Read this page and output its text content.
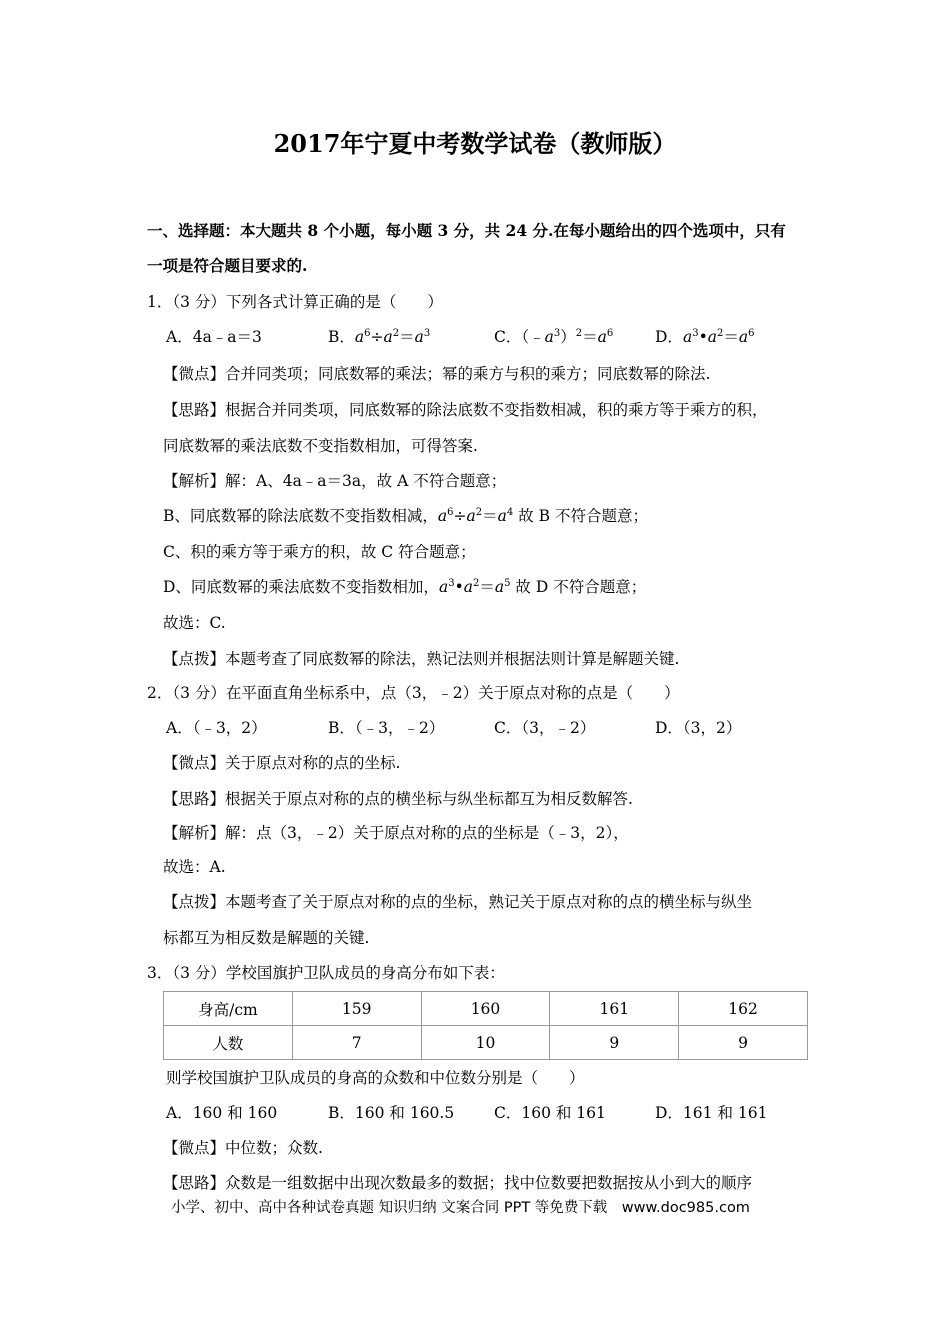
2017年宁夏中考数学试卷（教师版）
一、选择题：本大题共 8 个小题，每小题 3 分，共 24 分.在每小题给出的四个选项中，只有
一项是符合题目要求的.
1．（3 分）下列各式计算正确的是（　　）
A．4a﹣a＝3	B．$a^6\div a^2=a^3$	C．$(﹣a^3)^2=a^6$	D．$a^3•a^2=a^6$
【微点】合并同类项；同底数幂的乘法；幂的乘方与积的乘方；同底数幂的除法.
【思路】根据合并同类项，同底数幂的除法底数不变指数相减，积的乘方等于乘方的积，
同底数幂的乘法底数不变指数相加，可得答案.
【解析】解：A、4a﹣a＝3a，故 A 不符合题意；
B、同底数幂的除法底数不变指数相减，$a^6\div a^2=a^4$ 故 B 不符合题意；
C、积的乘方等于乘方的积，故 C 符合题意；
D、同底数幂的乘法底数不变指数相加，$a^3•a^2=a^5$ 故 D 不符合题意；
故选：C.
【点拨】本题考查了同底数幂的除法，熟记法则并根据法则计算是解题关键.
2．（3 分）在平面直角坐标系中，点（3，﹣2）关于原点对称的点是（　　）
A．（﹣3，2）	B．（﹣3，﹣2）	C．（3，﹣2）	D．（3，2）
【微点】关于原点对称的点的坐标.
【思路】根据关于原点对称的点的横坐标与纵坐标都互为相反数解答.
【解析】解：点（3，﹣2）关于原点对称的点的坐标是（﹣3，2），
故选：A.
【点拨】本题考查了关于原点对称的点的坐标，熟记关于原点对称的点的横坐标与纵坐
标都互为相反数是解题的关键.
3．（3 分）学校国旗护卫队成员的身高分布如下表：
身高/cm	159	160	161	162
人数	7	10	9	9
则学校国旗护卫队成员的身高的众数和中位数分别是（　　）
A．160 和 160	B．160 和 160.5	C．160 和 161	D．161 和 161
【微点】中位数；众数.
【思路】众数是一组数据中出现次数最多的数据；找中位数要把数据按从小到大的顺序
小学、初中、高中各种试卷真题 知识归纳 文案合同 PPT 等免费下载　www.doc985.com
